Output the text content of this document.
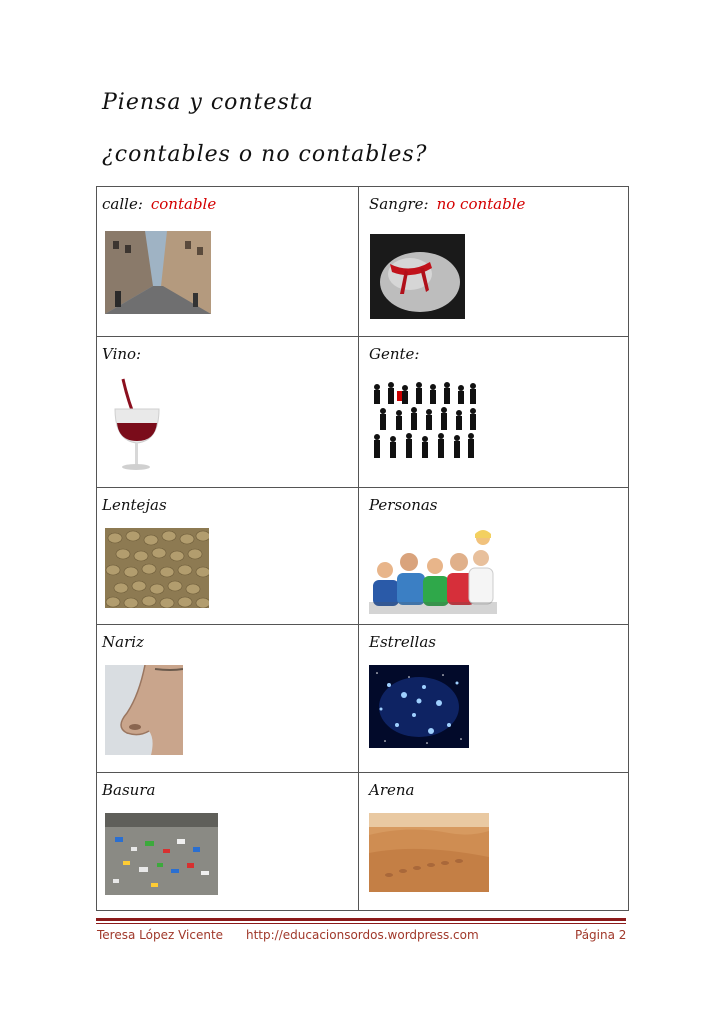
Piensa y contesta
¿contables o no contables?
calle: contable	Sangre: no contable

Vino:	Gente:

Lentejas	Personas

Nariz	Estrellas

Basura	Arena
Teresa López Vicente http://educacionsordos.wordpress.com	Página 2
